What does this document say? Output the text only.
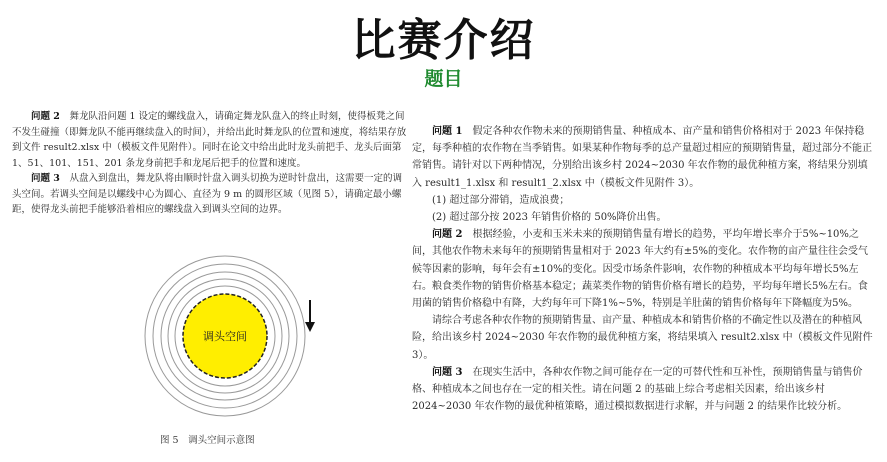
比赛介绍
题目

问题 2　 舞龙队沿问题 1 设定的螺线盘入，请确定舞龙队盘入的终止时刻，使得板凳之间不发生碰撞（即舞龙队不能再继续盘入的时间），并给出此时舞龙队的位置和速度，将结果存放到文件 result2.xlsx 中（模板文件见附件）。同时在论文中给出此时龙头前把手、龙头后面第 1、51、101、151、201 条龙身前把手和龙尾后把手的位置和速度。

问题 3　 从盘入到盘出，舞龙队将由顺时针盘入调头切换为逆时针盘出，这需要一定的调头空间。若调头空间是以螺线中心为圆心、直径为 9 m 的圆形区域（见图 5），请确定最小螺距，使得龙头前把手能够沿着相应的螺线盘入到调头空间的边界。

调头空间
图 5　调头空间示意图

问题 1　 假定各种农作物未来的预期销售量、种植成本、亩产量和销售价格相对于 2023 年保持稳定，每季种植的农作物在当季销售。如果某种作物每季的总产量超过相应的预期销售量，超过部分不能正常销售。请针对以下两种情况，分别给出该乡村 2024~2030 年农作物的最优种植方案，将结果分别填入 result1_1.xlsx 和 result1_2.xlsx 中（模板文件见附件 3）。

(1) 超过部分滞销，造成浪费；

(2) 超过部分按 2023 年销售价格的 50%降价出售。

问题 2　 根据经验，小麦和玉米未来的预期销售量有增长的趋势，平均年增长率介于5%~10%之间，其他农作物未来每年的预期销售量相对于 2023 年大约有±5%的变化。农作物的亩产量往往会受气候等因素的影响，每年会有±10%的变化。因受市场条件影响，农作物的种植成本平均每年增长5%左右。粮食类作物的销售价格基本稳定；蔬菜类作物的销售价格有增长的趋势，平均每年增长5%左右。食用菌的销售价格稳中有降，大约每年可下降1%~5%，特别是羊肚菌的销售价格每年下降幅度为5%。

请综合考虑各种农作物的预期销售量、亩产量、种植成本和销售价格的不确定性以及潜在的种植风险，给出该乡村 2024~2030 年农作物的最优种植方案，将结果填入 result2.xlsx 中（模板文件见附件 3）。

问题 3　 在现实生活中，各种农作物之间可能存在一定的可替代性和互补性，预期销售量与销售价格、种植成本之间也存在一定的相关性。请在问题 2 的基础上综合考虑相关因素，给出该乡村 2024~2030 年农作物的最优种植策略，通过模拟数据进行求解，并与问题 2 的结果作比较分析。
